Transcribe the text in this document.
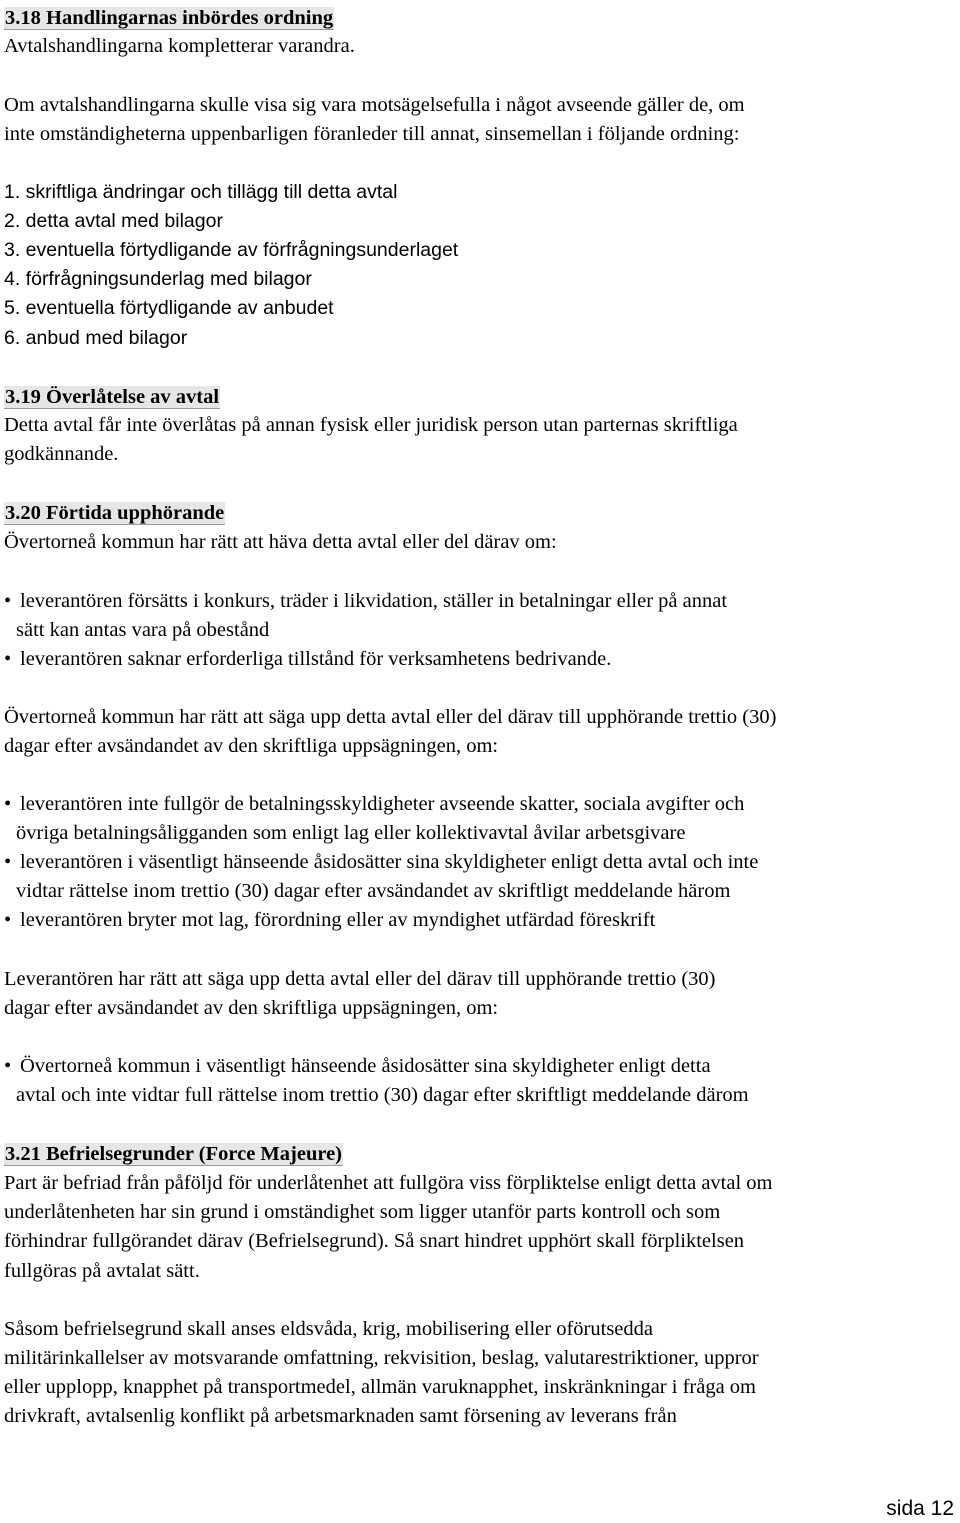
3.18 Handlingarnas inbördes ordning
Avtalshandlingarna kompletterar varandra.
Om avtalshandlingarna skulle visa sig vara motsägelsefulla i något avseende gäller de, om
inte omständigheterna uppenbarligen föranleder till annat, sinsemellan i följande ordning:
1. skriftliga ändringar och tillägg till detta avtal
2. detta avtal med bilagor
3. eventuella förtydligande av förfrågningsunderlaget
4. förfrågningsunderlag med bilagor
5. eventuella förtydligande av anbudet
6. anbud med bilagor
3.19 Överlåtelse av avtal
Detta avtal får inte överlåtas på annan fysisk eller juridisk person utan parternas skriftliga
godkännande.
3.20 Förtida upphörande
Övertorneå kommun har rätt att häva detta avtal eller del därav om:
• leverantören försätts i konkurs, träder i likvidation, ställer in betalningar eller på annat
sätt kan antas vara på obestånd
• leverantören saknar erforderliga tillstånd för verksamhetens bedrivande.
Övertorneå kommun har rätt att säga upp detta avtal eller del därav till upphörande trettio (30)
dagar efter avsändandet av den skriftliga uppsägningen, om:
• leverantören inte fullgör de betalningsskyldigheter avseende skatter, sociala avgifter och
övriga betalningsåligganden som enligt lag eller kollektivavtal åvilar arbetsgivare
• leverantören i väsentligt hänseende åsidosätter sina skyldigheter enligt detta avtal och inte
vidtar rättelse inom trettio (30) dagar efter avsändandet av skriftligt meddelande härom
• leverantören bryter mot lag, förordning eller av myndighet utfärdad föreskrift
Leverantören har rätt att säga upp detta avtal eller del därav till upphörande trettio (30)
dagar efter avsändandet av den skriftliga uppsägningen, om:
• Övertorneå kommun i väsentligt hänseende åsidosätter sina skyldigheter enligt detta
avtal och inte vidtar full rättelse inom trettio (30) dagar efter skriftligt meddelande därom
3.21 Befrielsegrunder (Force Majeure)
Part är befriad från påföljd för underlåtenhet att fullgöra viss förpliktelse enligt detta avtal om
underlåtenheten har sin grund i omständighet som ligger utanför parts kontroll och som
förhindrar fullgörandet därav (Befrielsegrund). Så snart hindret upphört skall förpliktelsen
fullgöras på avtalat sätt.
Såsom befrielsegrund skall anses eldsvåda, krig, mobilisering eller oförutsedda
militärinkallelser av motsvarande omfattning, rekvisition, beslag, valutarestriktioner, uppror
eller upplopp, knapphet på transportmedel, allmän varuknapphet, inskränkningar i fråga om
drivkraft, avtalsenlig konflikt på arbetsmarknaden samt försening av leverans från
sida 12
